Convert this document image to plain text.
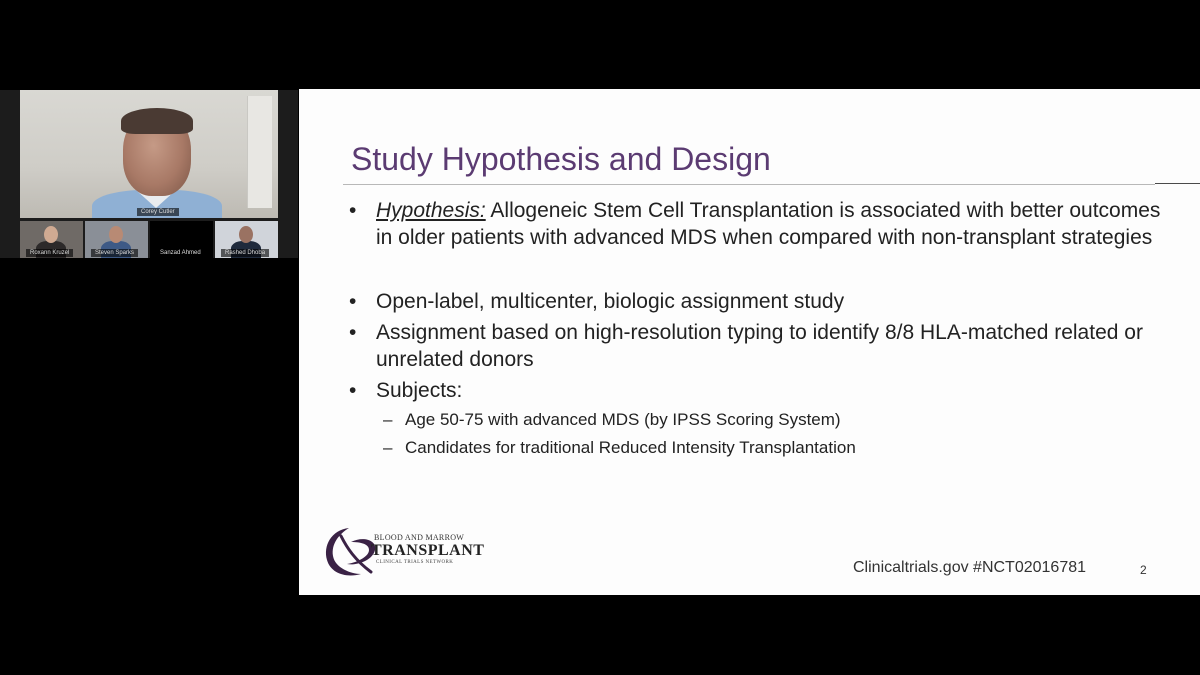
Corey Cutler
Roxann Kruzel	Steven Sparks	Sanzad Ahmed	Rashed Dhoba
Study Hypothesis and Design
• Hypothesis: Allogeneic Stem Cell Transplantation is associated with better outcomes in older patients with advanced MDS when compared with non-transplant strategies
• Open-label, multicenter, biologic assignment study
• Assignment based on high-resolution typing to identify 8/8 HLA-matched related or unrelated donors
• Subjects:
– Age 50-75 with advanced MDS (by IPSS Scoring System)
– Candidates for traditional Reduced Intensity Transplantation
BLOOD AND MARROW
TRANSPLANT
CLINICAL TRIALS NETWORK	Clinicaltrials.gov #NCT02016781	2
